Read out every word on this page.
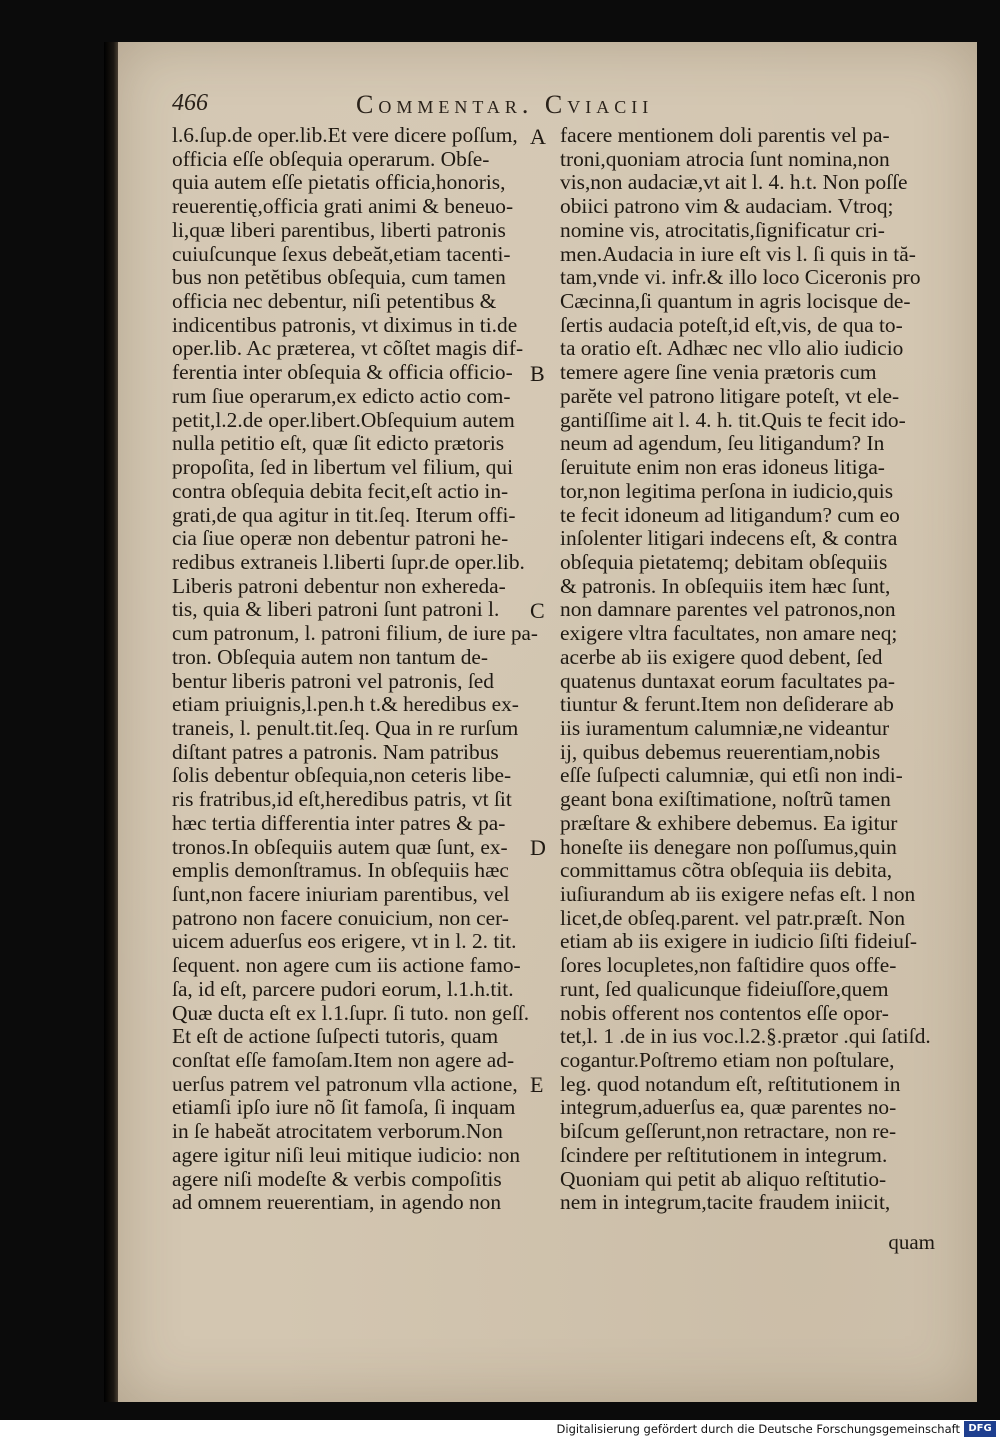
466	Commentar. Cviacii
l.6.ſup.de oper.lib.Et vere dicere poſſum,
officia eſſe obſequia operarum. Obſe-
quia autem eſſe pietatis officia,honoris,
reuerentię,officia grati animi & beneuo-
li,quæ liberi parentibus, liberti patronis
cuiuſcunque ſexus debeăt,etiam tacenti-
bus non petĕtibus obſequia, cum tamen
officia nec debentur, niſi petentibus &
indicentibus patronis, vt diximus in ti.de
oper.lib. Ac præterea, vt cõſtet magis dif-
ferentia inter obſequia & officia officio-
rum ſiue operarum,ex edicto actio com-
petit,l.2.de oper.libert.Obſequium autem
nulla petitio eſt, quæ ſit edicto prætoris
propoſita, ſed in libertum vel filium, qui
contra obſequia debita fecit,eſt actio in-
grati,de qua agitur in tit.ſeq. Iterum offi-
cia ſiue operæ non debentur patroni he-
redibus extraneis l.liberti ſupr.de oper.lib.
Liberis patroni debentur non exhereda-
tis, quia & liberi patroni ſunt patroni l.
cum patronum, l. patroni filium, de iure pa-
tron. Obſequia autem non tantum de-
bentur liberis patroni vel patronis, ſed
etiam priuignis,l.pen.h t.& heredibus ex-
traneis, l. penult.tit.ſeq. Qua in re rurſum
diſtant patres a patronis. Nam patribus
ſolis debentur obſequia,non ceteris libe-
ris fratribus,id eſt,heredibus patris, vt ſit
hæc tertia differentia inter patres & pa-
tronos.In obſequiis autem quæ ſunt, ex-
emplis demonſtramus. In obſequiis hæc
ſunt,non facere iniuriam parentibus, vel
patrono non facere conuicium, non cer-
uicem aduerſus eos erigere, vt in l. 2. tit.
ſequent. non agere cum iis actione famo-
ſa, id eſt, parcere pudori eorum, l.1.h.tit.
Quæ ducta eſt ex l.1.ſupr. ſi tuto. non geſſ.
Et eſt de actione ſuſpecti tutoris, quam
conſtat eſſe famoſam.Item non agere ad-
uerſus patrem vel patronum vlla actione,
etiamſi ipſo iure nõ ſit famoſa, ſi inquam
in ſe habeăt atrocitatem verborum.Non
agere igitur niſi leui mitique iudicio: non
agere niſi modeſte & verbis compoſitis
ad omnem reuerentiam, in agendo non
A
B
C
D
E
facere mentionem doli parentis vel pa-
troni,quoniam atrocia ſunt nomina,non
vis,non audaciæ,vt ait l. 4. h.t. Non poſſe
obiici patrono vim & audaciam. Vtroq;
nomine vis, atrocitatis,ſignificatur cri-
men.Audacia in iure eſt vis l. ſi quis in tă-
tam,vnde vi. infr.& illo loco Ciceronis pro
Cæcinna,ſi quantum in agris locisque de-
ſertis audacia poteſt,id eſt,vis, de qua to-
ta oratio eſt. Adhæc nec vllo alio iudicio
temere agere ſine venia prætoris cum
parĕte vel patrono litigare poteſt, vt ele-
gantiſſime ait l. 4. h. tit.Quis te fecit ido-
neum ad agendum, ſeu litigandum? In
ſeruitute enim non eras idoneus litiga-
tor,non legitima perſona in iudicio,quis
te fecit idoneum ad litigandum? cum eo
inſolenter litigari indecens eſt, & contra
obſequia pietatemq; debitam obſequiis
& patronis. In obſequiis item hæc ſunt,
non damnare parentes vel patronos,non
exigere vltra facultates, non amare neq;
acerbe ab iis exigere quod debent, ſed
quatenus duntaxat eorum facultates pa-
tiuntur & ferunt.Item non deſiderare ab
iis iuramentum calumniæ,ne videantur
ij, quibus debemus reuerentiam,nobis
eſſe ſuſpecti calumniæ, qui etſi non indi-
geant bona exiſtimatione, noſtrũ tamen
præſtare & exhibere debemus. Ea igitur
honeſte iis denegare non poſſumus,quin
committamus cõtra obſequia iis debita,
iuſiurandum ab iis exigere nefas eſt. l non
licet,de obſeq.parent. vel patr.præſt. Non
etiam ab iis exigere in iudicio ſiſti fideiuſ-
ſores locupletes,non faſtidire quos offe-
runt, ſed qualicunque fideiuſſore,quem
nobis offerent nos contentos eſſe opor-
tet,l. 1 .de in ius voc.l.2.§.prætor .qui ſatiſd.
cogantur.Poſtremo etiam non poſtulare,
leg. quod notandum eſt, reſtitutionem in
integrum,aduerſus ea, quæ parentes no-
biſcum geſſerunt,non retractare, non re-
ſcindere per reſtitutionem in integrum.
Quoniam qui petit ab aliquo reſtitutio-
nem in integrum,tacite fraudem iniicit,
quam
Digitalisierung gefördert durch die Deutsche Forschungsgemeinschaft DFG
